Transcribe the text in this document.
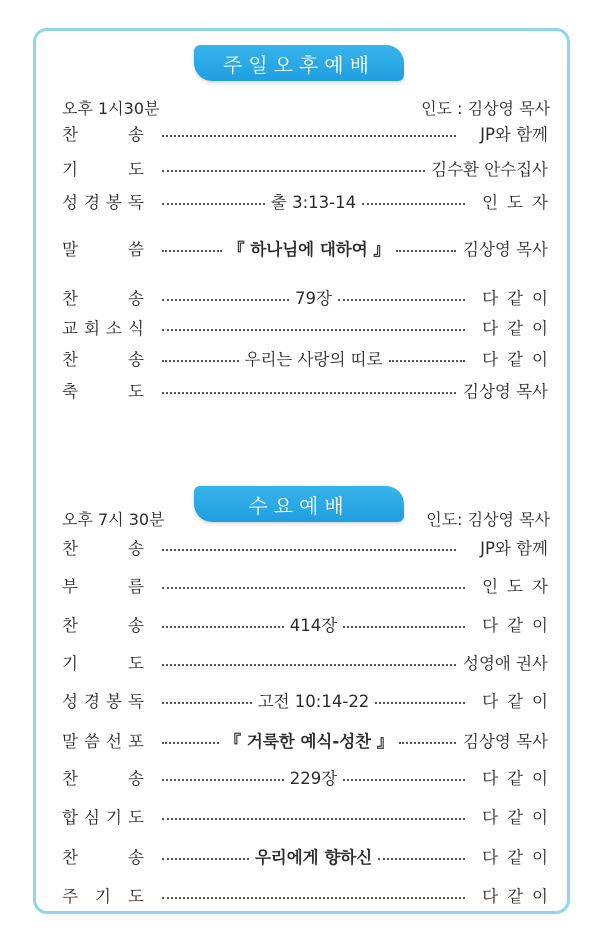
주일오후예배
오후 1시30분	인도 : 김상영 목사
찬	송	JP와 함께
기	도	김수환 안수집사
성 경 봉 독	출 3:13-14	인도자
말	씀	『 하나님에 대하여 』	김상영 목사
찬	송	79장	다같이
교 회 소 식	다같이
찬	송	우리는 사랑의 띠로	다같이
축	도	김상영 목사
수요예배
오후 7시 30분	인도: 김상영 목사
찬	송	JP와 함께
부	름	인도자
찬	송	414장	다같이
기	도	성영애 권사
성 경 봉 독	고전 10:14-22	다같이
말 씀 선 포	『 거룩한 예식-성찬 』	김상영 목사
찬	송	229장	다같이
합 심 기 도	다같이
찬	송	우리에게 향하신	다같이
주 기 도	다같이
